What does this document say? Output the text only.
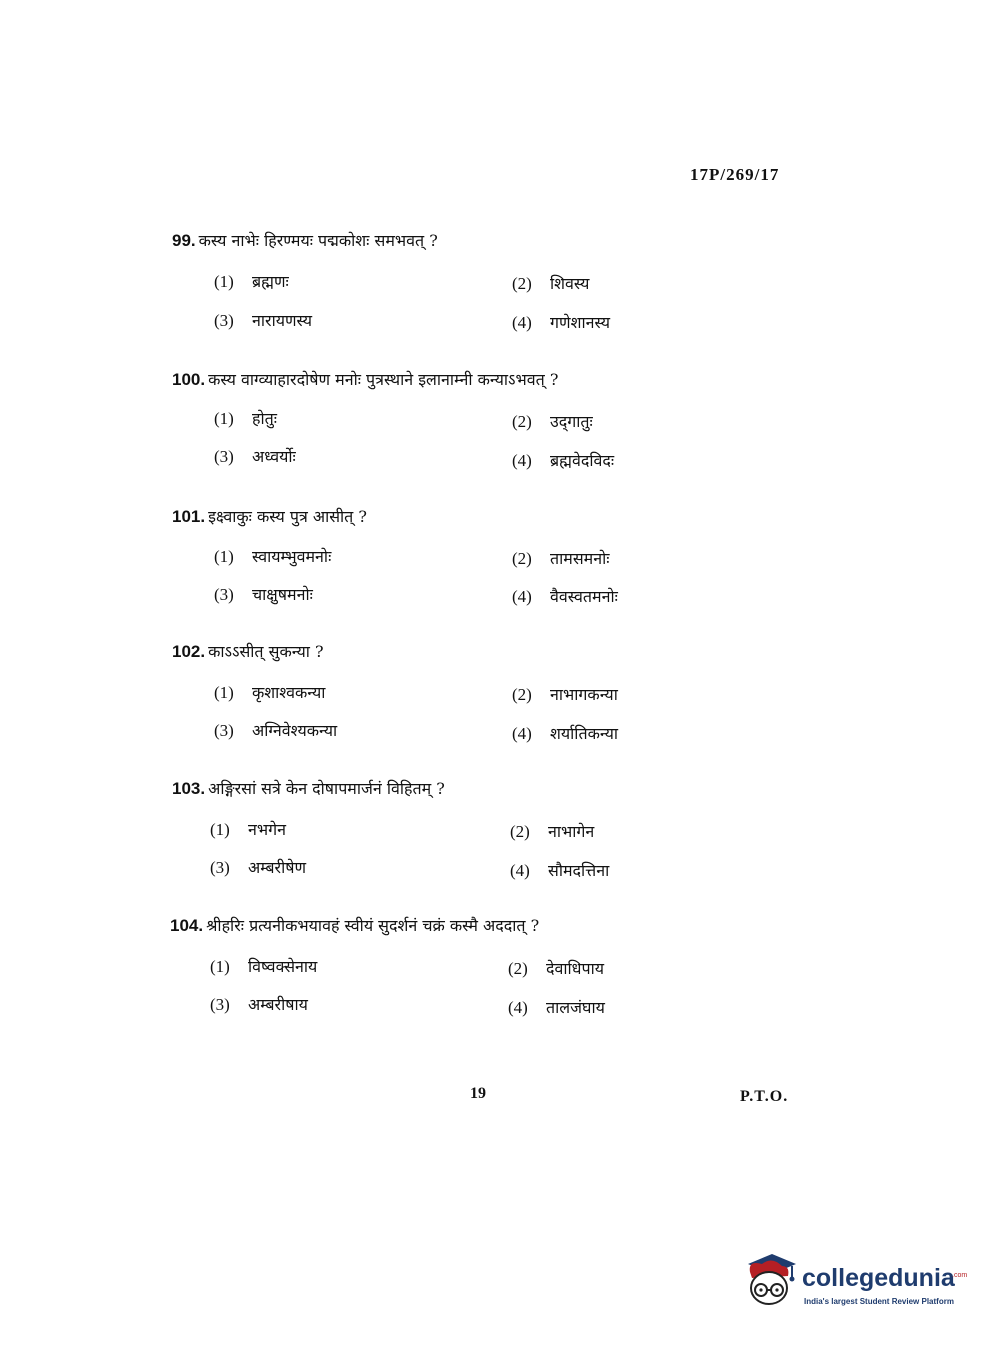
17P/269/17
99. कस्य नाभेः हिरण्मयः पद्मकोशः समभवत् ?
(1) ब्रह्मणः	(2) शिवस्य
(3) नारायणस्य	(4) गणेशानस्य
100. कस्य वाग्व्याहारदोषेण मनोः पुत्रस्थाने इलानाम्नी कन्याऽभवत् ?
(1) होतुः	(2) उद्‌गातुः
(3) अध्वर्योः	(4) ब्रह्मवेदविदः
101. इक्ष्वाकुः कस्य पुत्र आसीत् ?
(1) स्वायम्भुवमनोः	(2) तामसमनोः
(3) चाक्षुषमनोः	(4) वैवस्वतमनोः
102. काऽऽसीत् सुकन्या ?
(1) कृशाश्वकन्या	(2) नाभागकन्या
(3) अग्निवेश्यकन्या	(4) शर्यातिकन्या
103. अङ्गिरसां सत्रे केन दोषापमार्जनं विहितम् ?
(1) नभगेन	(2) नाभागेन
(3) अम्बरीषेण	(4) सौमदत्तिना
104. श्रीहरिः प्रत्यनीकभयावहं स्वीयं सुदर्शनं चक्रं कस्मै अददात् ?
(1) विष्वक्सेनाय	(2) देवाधिपाय
(3) अम्बरीषाय	(4) तालजंघाय
19	P.T.O.
collegedunia
.com
India's largest Student Review Platform
